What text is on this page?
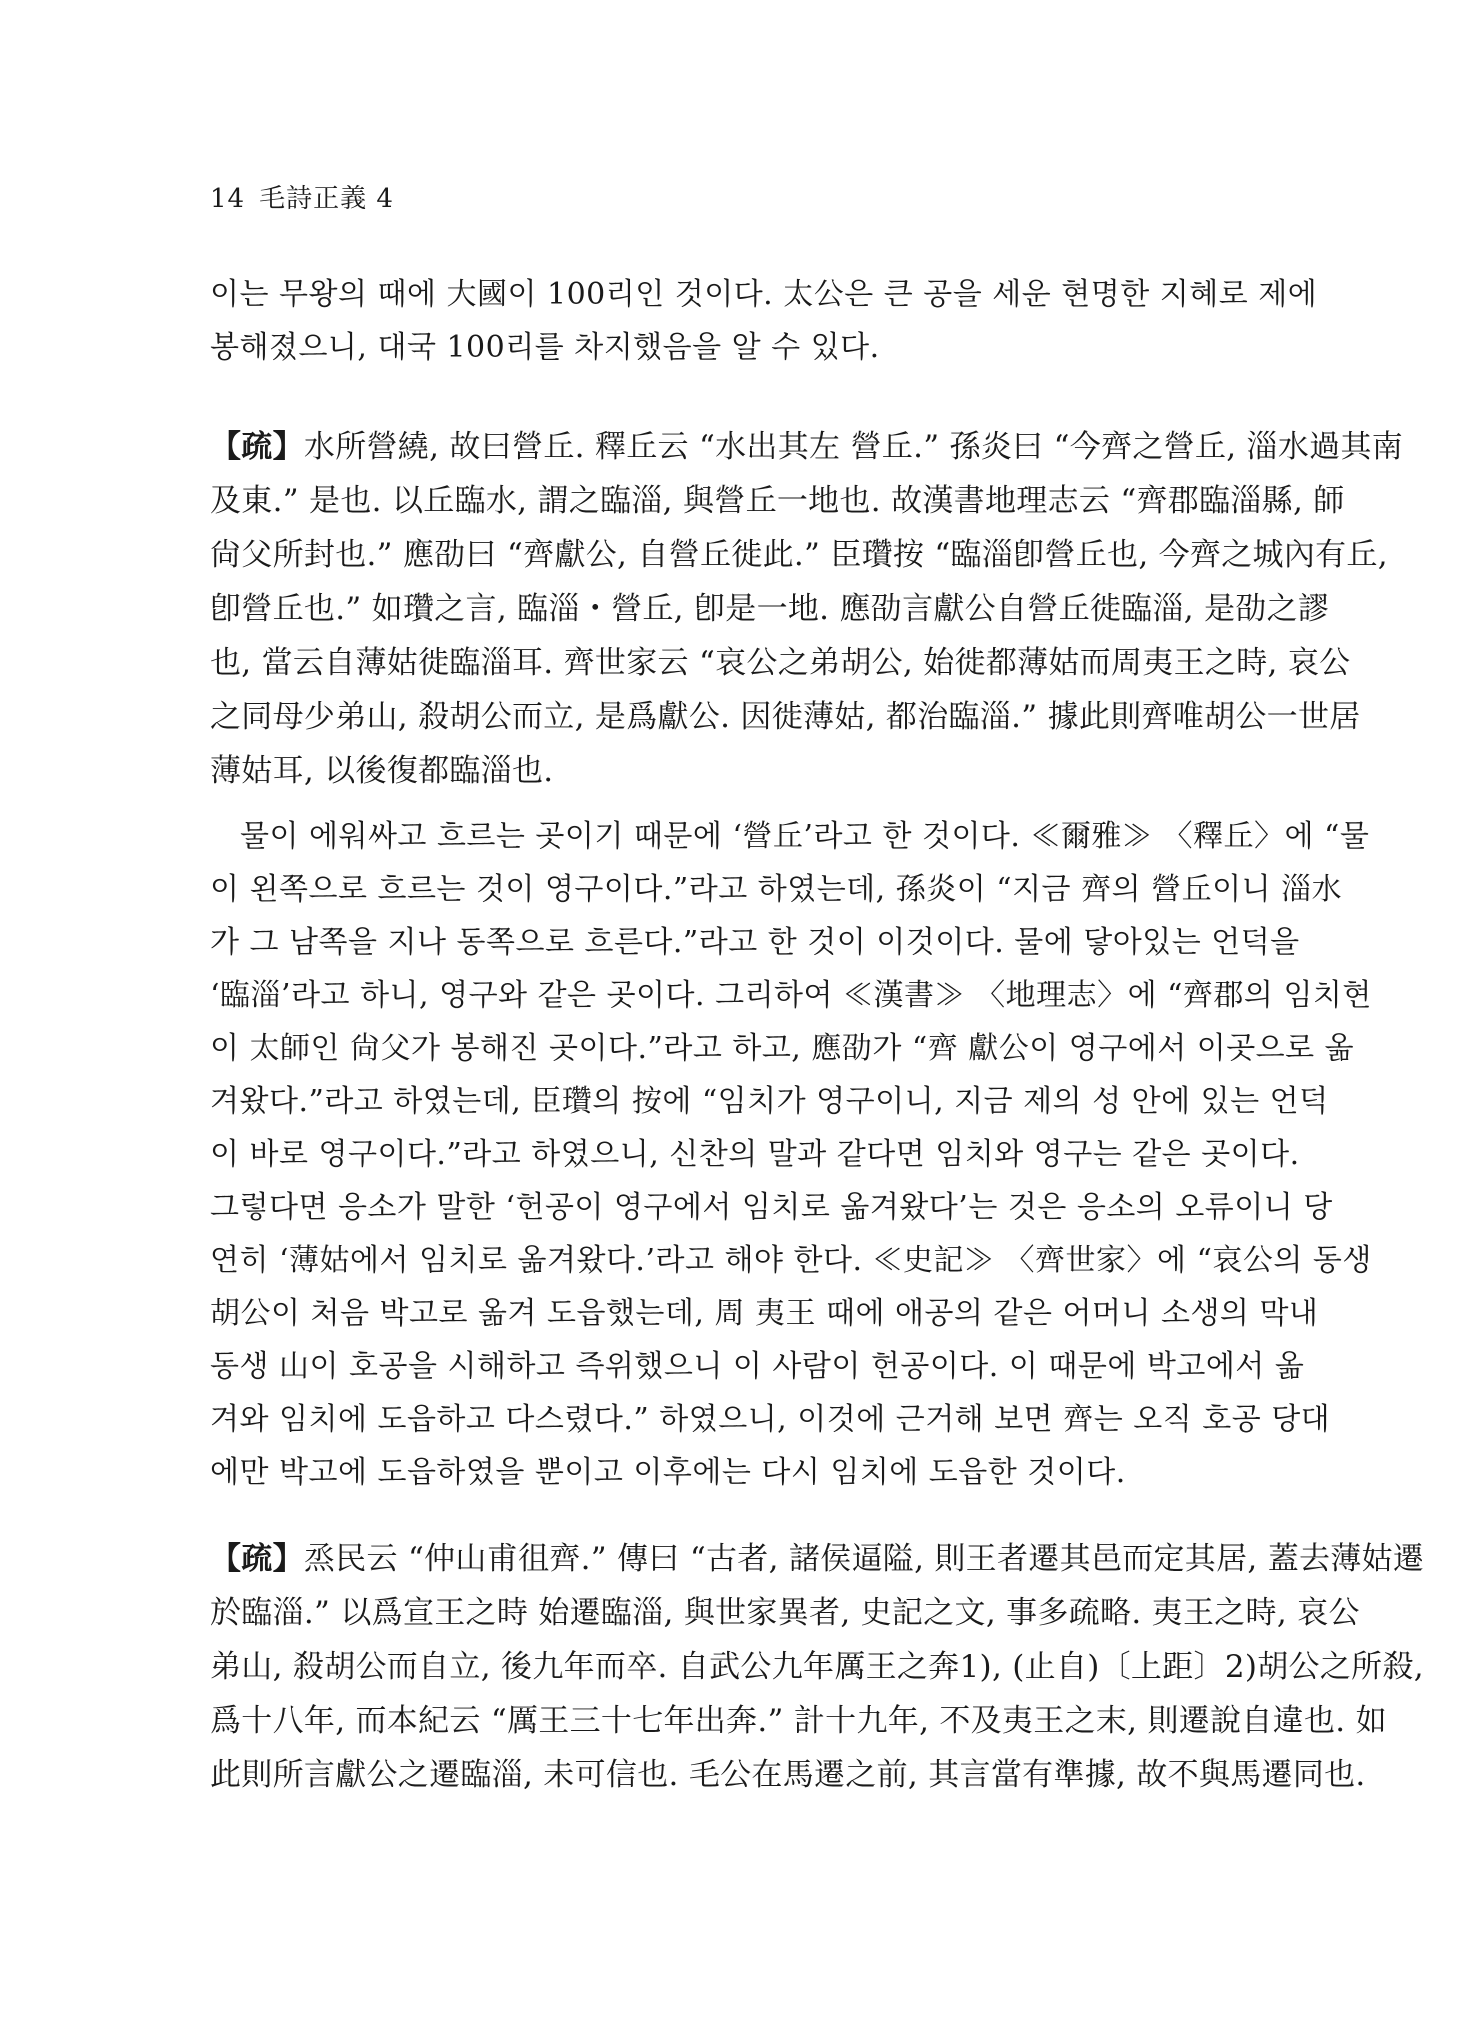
14 毛詩正義 4
이는 무왕의 때에 大國이 100리인 것이다. 太公은 큰 공을 세운 현명한 지혜로 제에
봉해졌으니, 대국 100리를 차지했음을 알 수 있다.
【疏】水所營繞, 故曰營丘. 釋丘云 “水出其左 營丘.” 孫炎曰 “今齊之營丘, 淄水過其南
及東.” 是也. 以丘臨水, 謂之臨淄, 與營丘一地也. 故漢書地理志云 “齊郡臨淄縣, 師
尙父所封也.” 應劭曰 “齊獻公, 自營丘徙此.” 臣瓚按 “臨淄卽營丘也, 今齊之城內有丘,
卽營丘也.” 如瓚之言, 臨淄・營丘, 卽是一地. 應劭言獻公自營丘徙臨淄, 是劭之謬
也, 當云自薄姑徙臨淄耳. 齊世家云 “哀公之弟胡公, 始徙都薄姑而周夷王之時, 哀公
之同母少弟山, 殺胡公而立, 是爲獻公. 因徙薄姑, 都治臨淄.” 據此則齊唯胡公一世居
薄姑耳, 以後復都臨淄也.
물이 에워싸고 흐르는 곳이기 때문에 ‘營丘’라고 한 것이다. ≪爾雅≫ 〈釋丘〉에 “물
이 왼쪽으로 흐르는 것이 영구이다.”라고 하였는데, 孫炎이 “지금 齊의 營丘이니 淄水
가 그 남쪽을 지나 동쪽으로 흐른다.”라고 한 것이 이것이다. 물에 닿아있는 언덕을
‘臨淄’라고 하니, 영구와 같은 곳이다. 그리하여 ≪漢書≫ 〈地理志〉에 “齊郡의 임치현
이 太師인 尙父가 봉해진 곳이다.”라고 하고, 應劭가 “齊 獻公이 영구에서 이곳으로 옮
겨왔다.”라고 하였는데, 臣瓚의 按에 “임치가 영구이니, 지금 제의 성 안에 있는 언덕
이 바로 영구이다.”라고 하였으니, 신찬의 말과 같다면 임치와 영구는 같은 곳이다.
그렇다면 응소가 말한 ‘헌공이 영구에서 임치로 옮겨왔다’는 것은 응소의 오류이니 당
연히 ‘薄姑에서 임치로 옮겨왔다.’라고 해야 한다. ≪史記≫ 〈齊世家〉에 “哀公의 동생
胡公이 처음 박고로 옮겨 도읍했는데, 周 夷王 때에 애공의 같은 어머니 소생의 막내
동생 山이 호공을 시해하고 즉위했으니 이 사람이 헌공이다. 이 때문에 박고에서 옮
겨와 임치에 도읍하고 다스렸다.” 하였으니, 이것에 근거해 보면 齊는 오직 호공 당대
에만 박고에 도읍하였을 뿐이고 이후에는 다시 임치에 도읍한 것이다.
【疏】烝民云 “仲山甫徂齊.” 傳曰 “古者, 諸侯逼隘, 則王者遷其邑而定其居, 蓋去薄姑遷
於臨淄.” 以爲宣王之時 始遷臨淄, 與世家異者, 史記之文, 事多疏略. 夷王之時, 哀公
弟山, 殺胡公而自立, 後九年而卒. 自武公九年厲王之奔1), (止自)〔上距〕2)胡公之所殺,
爲十八年, 而本紀云 “厲王三十七年出奔.” 計十九年, 不及夷王之末, 則遷說自違也. 如
此則所言獻公之遷臨淄, 未可信也. 毛公在馬遷之前, 其言當有準據, 故不與馬遷同也.
